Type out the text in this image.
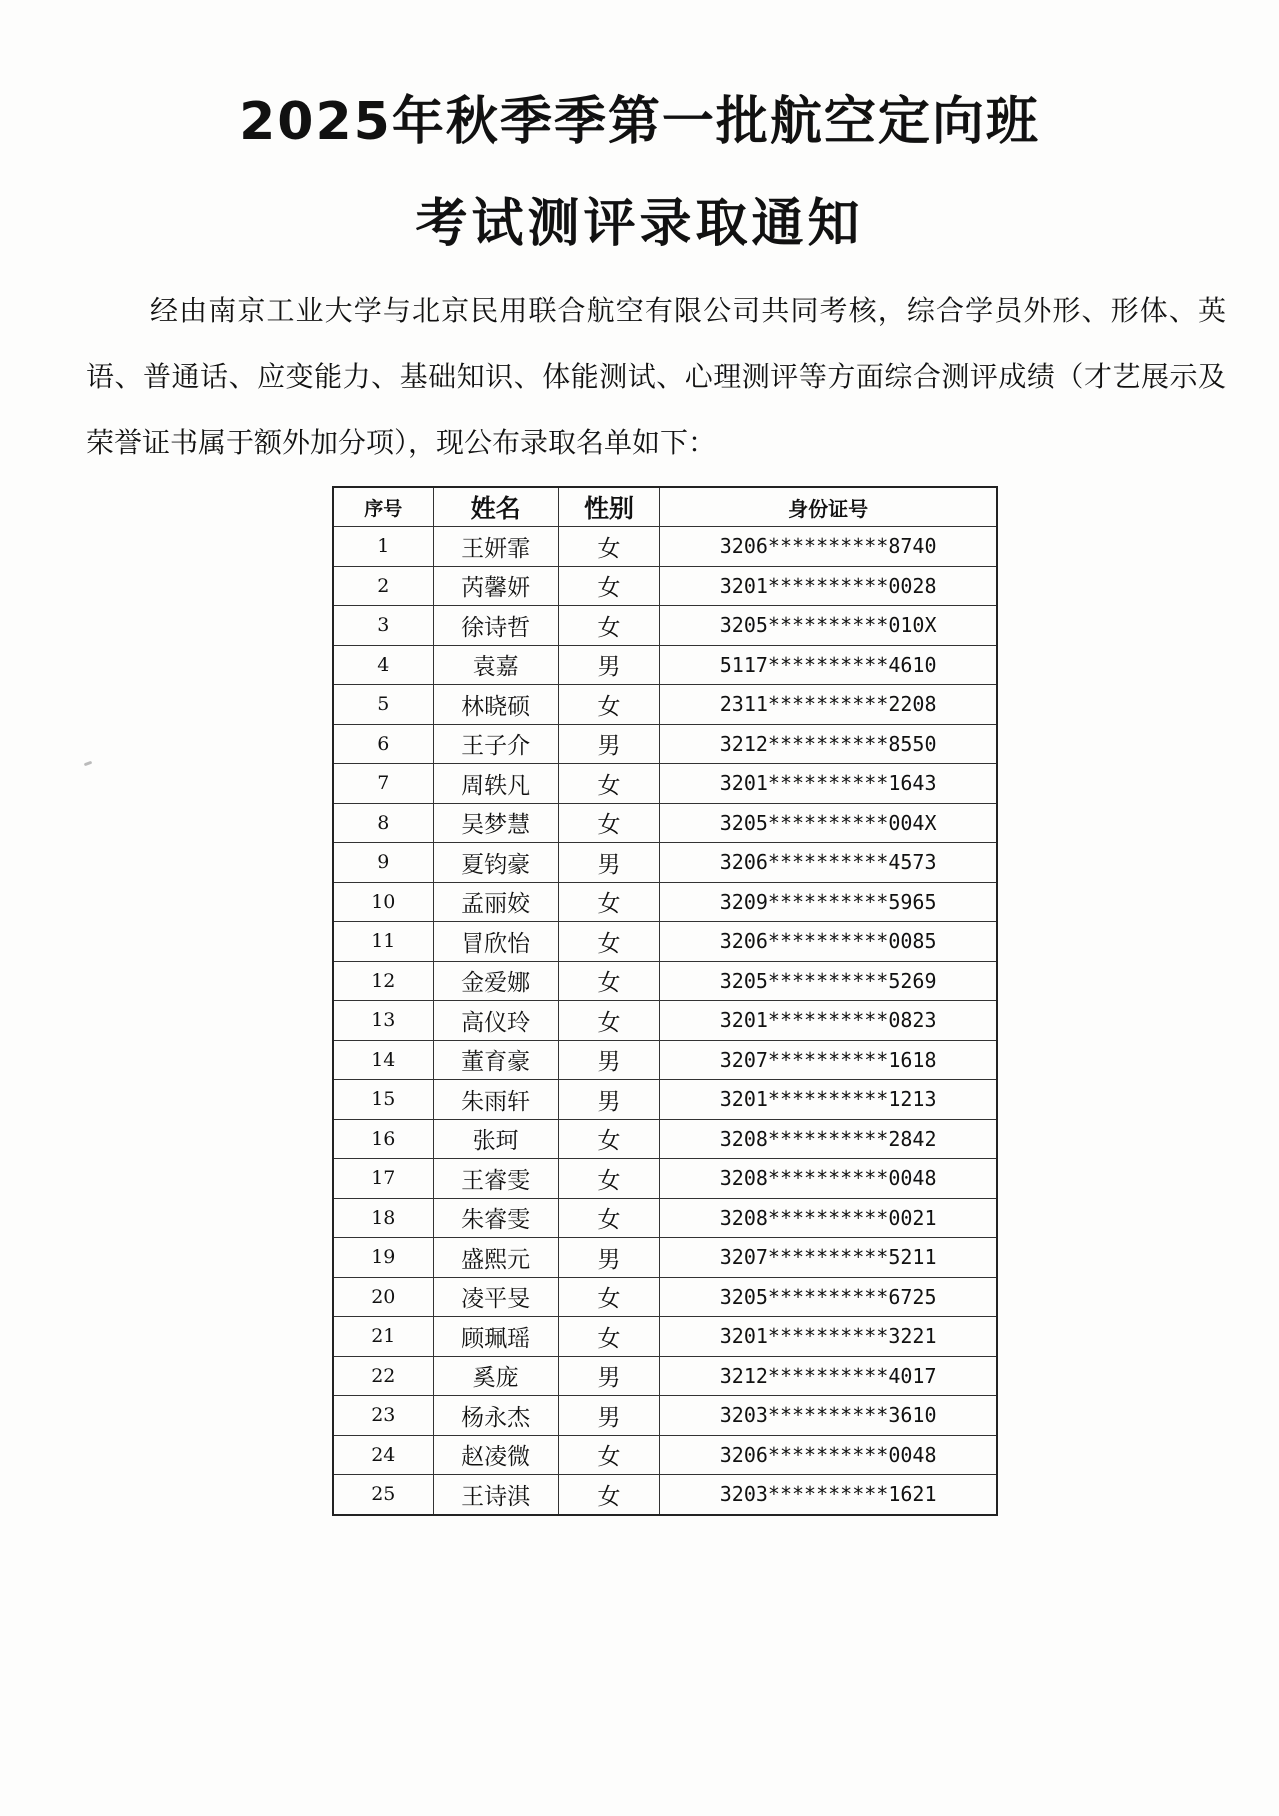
2025年秋季季第一批航空定向班
考试测评录取通知
经由南京工业大学与北京民用联合航空有限公司共同考核，综合学员外形、形体、英语、普通话、应变能力、基础知识、体能测试、心理测评等方面综合测评成绩（才艺展示及荣誉证书属于额外加分项），现公布录取名单如下：
序号	姓名	性别	身份证号
1	王妍霏	女	3206**********8740
2	芮馨妍	女	3201**********0028
3	徐诗哲	女	3205**********010X
4	袁嘉	男	5117**********4610
5	林晓硕	女	2311**********2208
6	王子介	男	3212**********8550
7	周轶凡	女	3201**********1643
8	吴梦慧	女	3205**********004X
9	夏钧豪	男	3206**********4573
10	孟丽姣	女	3209**********5965
11	冒欣怡	女	3206**********0085
12	金爱娜	女	3205**********5269
13	高仪玲	女	3201**********0823
14	董育豪	男	3207**********1618
15	朱雨轩	男	3201**********1213
16	张珂	女	3208**********2842
17	王睿雯	女	3208**********0048
18	朱睿雯	女	3208**********0021
19	盛熙元	男	3207**********5211
20	凌平旻	女	3205**********6725
21	顾珮瑶	女	3201**********3221
22	奚庞	男	3212**********4017
23	杨永杰	男	3203**********3610
24	赵凌微	女	3206**********0048
25	王诗淇	女	3203**********1621
